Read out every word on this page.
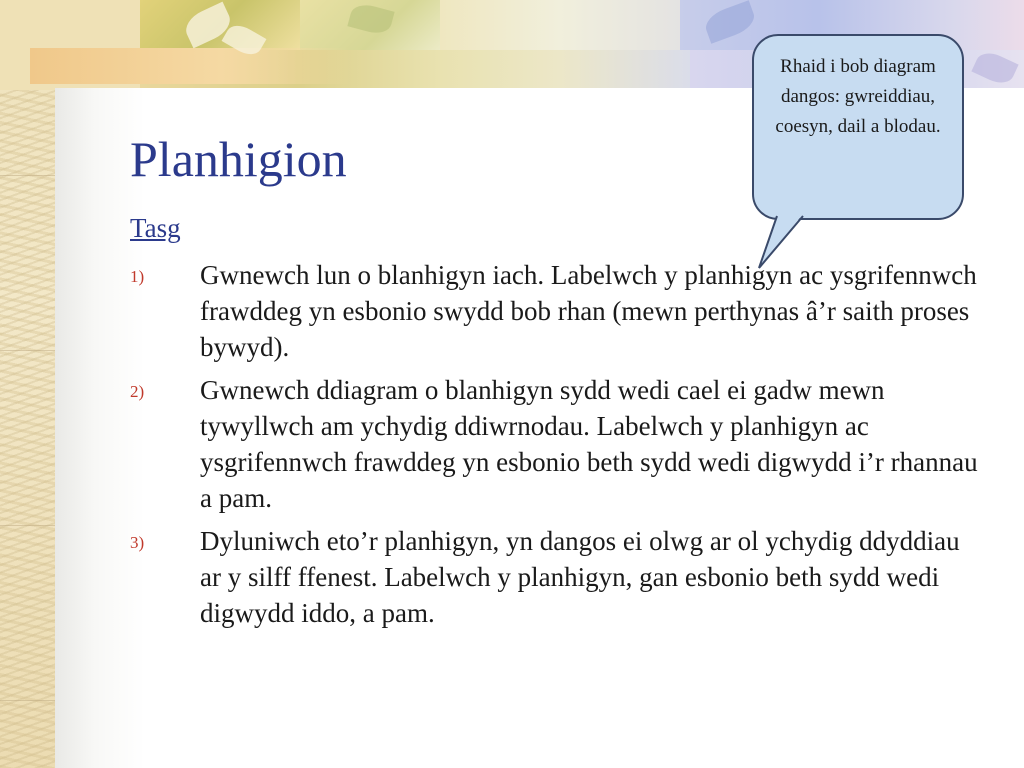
Planhigion

Tasg

1) Gwnewch lun o blanhigyn iach. Labelwch y planhigyn ac ysgrifennwch frawddeg yn esbonio swydd bob rhan (mewn perthynas â’r saith proses bywyd).
2) Gwnewch ddiagram o blanhigyn sydd wedi cael ei gadw mewn tywyllwch am ychydig ddiwrnodau. Labelwch y planhigyn ac ysgrifennwch frawddeg yn esbonio beth sydd wedi digwydd i’r rhannau a pam.
3) Dyluniwch eto’r planhigyn, yn dangos ei olwg ar ol ychydig ddyddiau ar y silff ffenest. Labelwch y planhigyn, gan esbonio beth sydd wedi digwydd iddo, a pam.

Rhaid i bob diagram dangos: gwreiddiau, coesyn, dail a blodau.
